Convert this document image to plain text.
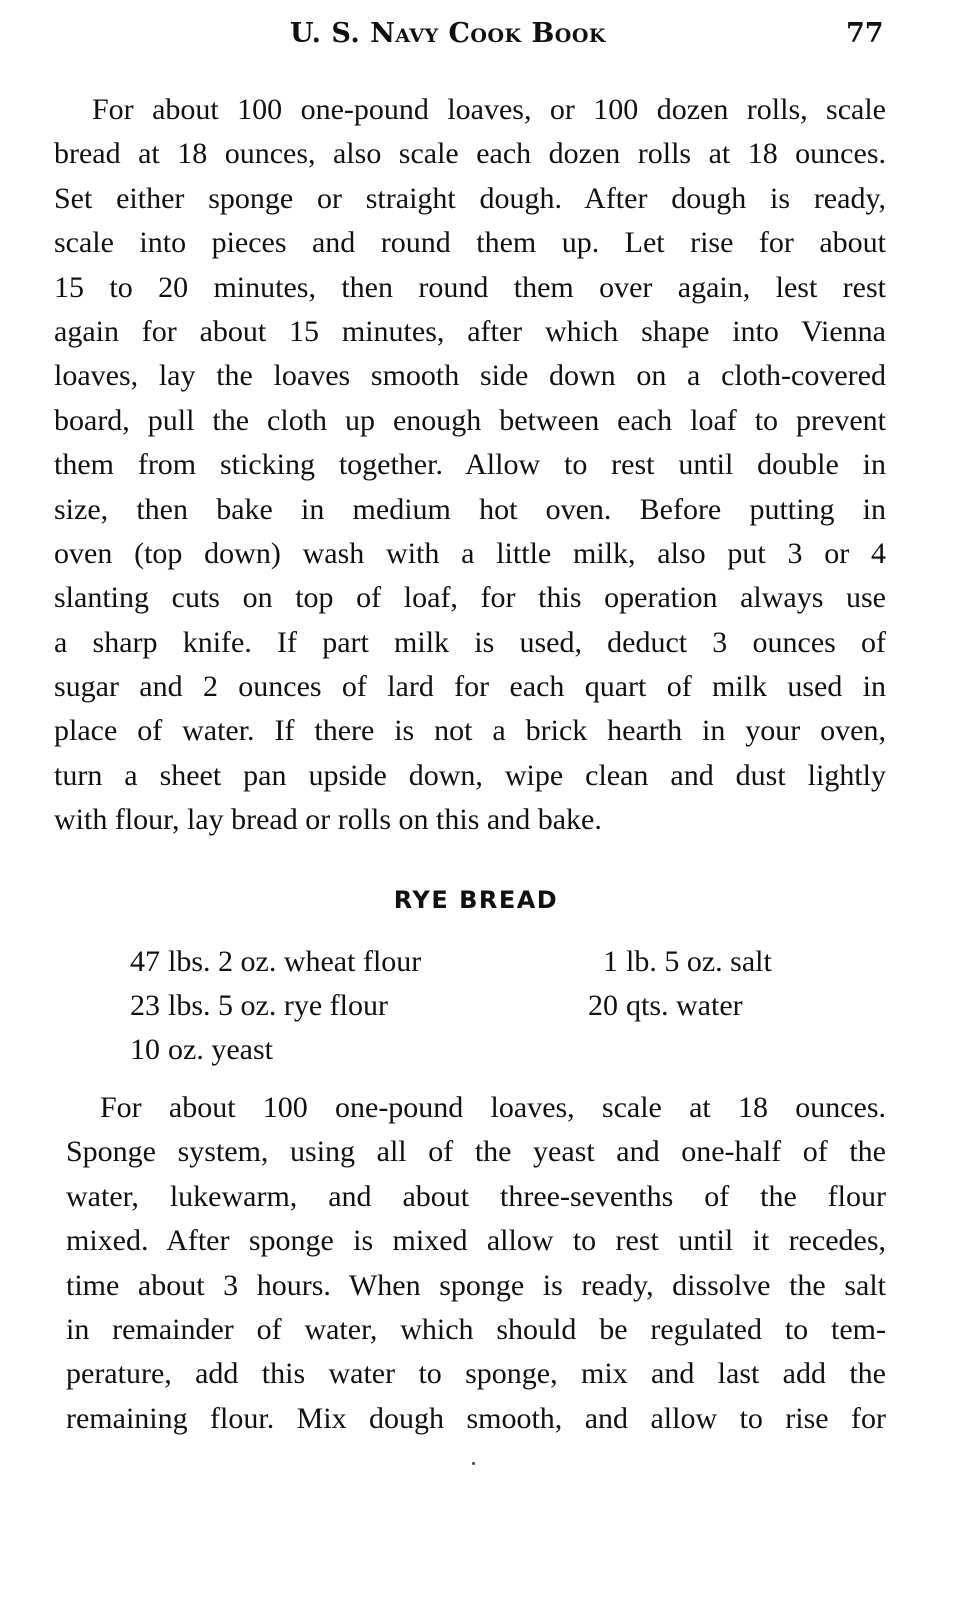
U. S. Navy Cook Book	77

For about 100 one-pound loaves, or 100 dozen rolls, scale
bread at 18 ounces, also scale each dozen rolls at 18 ounces.
Set either sponge or straight dough. After dough is ready,
scale into pieces and round them up. Let rise for about
15 to 20 minutes, then round them over again, lest rest
again for about 15 minutes, after which shape into Vienna
loaves, lay the loaves smooth side down on a cloth-covered
board, pull the cloth up enough between each loaf to prevent
them from sticking together. Allow to rest until double in
size, then bake in medium hot oven. Before putting in
oven (top down) wash with a little milk, also put 3 or 4
slanting cuts on top of loaf, for this operation always use
a sharp knife. If part milk is used, deduct 3 ounces of
sugar and 2 ounces of lard for each quart of milk used in
place of water. If there is not a brick hearth in your oven,
turn a sheet pan upside down, wipe clean and dust lightly
with flour, lay bread or rolls on this and bake.

RYE BREAD
47 lbs. 2 oz. wheat flour
23 lbs. 5 oz. rye flour
10 oz. yeast
1 lb. 5 oz. salt
20 qts. water

For about 100 one-pound loaves, scale at 18 ounces.
Sponge system, using all of the yeast and one-half of the
water, lukewarm, and about three-sevenths of the flour
mixed. After sponge is mixed allow to rest until it recedes,
time about 3 hours. When sponge is ready, dissolve the salt
in remainder of water, which should be regulated to tem-
perature, add this water to sponge, mix and last add the
remaining flour. Mix dough smooth, and allow to rise for
